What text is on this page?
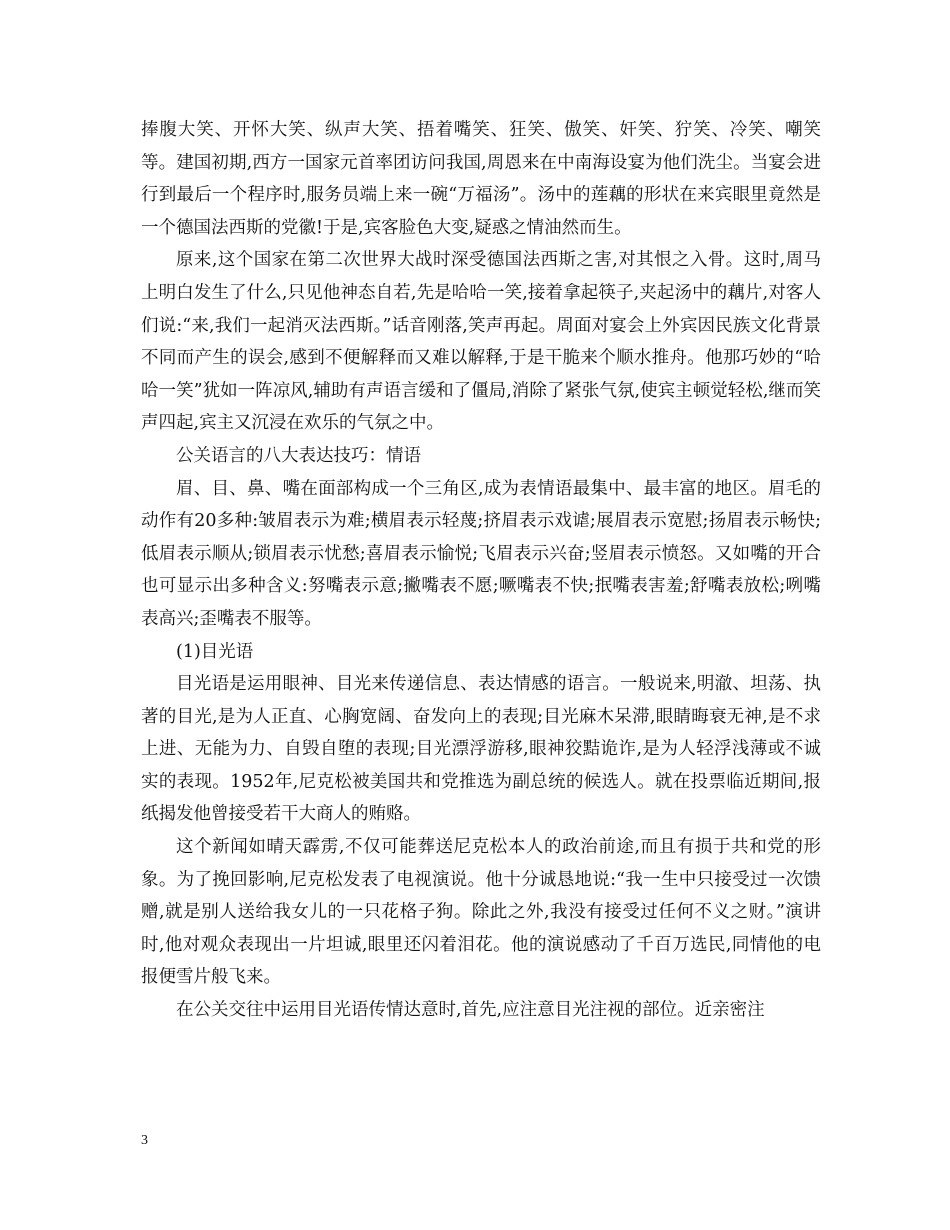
捧腹大笑、开怀大笑、纵声大笑、捂着嘴笑、狂笑、傲笑、奸笑、狞笑、冷笑、嘲笑等。建国初期,西方一国家元首率团访问我国,周恩来在中南海设宴为他们洗尘。当宴会进行到最后一个程序时,服务员端上来一碗“万福汤”。汤中的莲藕的形状在来宾眼里竟然是一个德国法西斯的党徽!于是,宾客脸色大变,疑惑之情油然而生。

原来,这个国家在第二次世界大战时深受德国法西斯之害,对其恨之入骨。这时,周马上明白发生了什么,只见他神态自若,先是哈哈一笑,接着拿起筷子,夹起汤中的藕片,对客人们说:“来,我们一起消灭法西斯。”话音刚落,笑声再起。周面对宴会上外宾因民族文化背景不同而产生的误会,感到不便解释而又难以解释,于是干脆来个顺水推舟。他那巧妙的“哈哈一笑”犹如一阵凉风,辅助有声语言缓和了僵局,消除了紧张气氛,使宾主顿觉轻松,继而笑声四起,宾主又沉浸在欢乐的气氛之中。

公关语言的八大表达技巧：情语

眉、目、鼻、嘴在面部构成一个三角区,成为表情语最集中、最丰富的地区。眉毛的动作有20多种:皱眉表示为难;横眉表示轻蔑;挤眉表示戏谑;展眉表示宽慰;扬眉表示畅快;低眉表示顺从;锁眉表示忧愁;喜眉表示愉悦;飞眉表示兴奋;竖眉表示愤怒。又如嘴的开合也可显示出多种含义:努嘴表示意;撇嘴表不愿;噘嘴表不快;抿嘴表害羞;舒嘴表放松;咧嘴表高兴;歪嘴表不服等。

(1)目光语

目光语是运用眼神、目光来传递信息、表达情感的语言。一般说来,明澈、坦荡、执著的目光,是为人正直、心胸宽阔、奋发向上的表现;目光麻木呆滞,眼睛晦衰无神,是不求上进、无能为力、自毁自堕的表现;目光漂浮游移,眼神狡黠诡诈,是为人轻浮浅薄或不诚实的表现。1952年,尼克松被美国共和党推选为副总统的候选人。就在投票临近期间,报纸揭发他曾接受若干大商人的贿赂。

这个新闻如晴天霹雳,不仅可能葬送尼克松本人的政治前途,而且有损于共和党的形象。为了挽回影响,尼克松发表了电视演说。他十分诚恳地说:“我一生中只接受过一次馈赠,就是别人送给我女儿的一只花格子狗。除此之外,我没有接受过任何不义之财。”演讲时,他对观众表现出一片坦诚,眼里还闪着泪花。他的演说感动了千百万选民,同情他的电报便雪片般飞来。

在公关交往中运用目光语传情达意时,首先,应注意目光注视的部位。近亲密注

3
